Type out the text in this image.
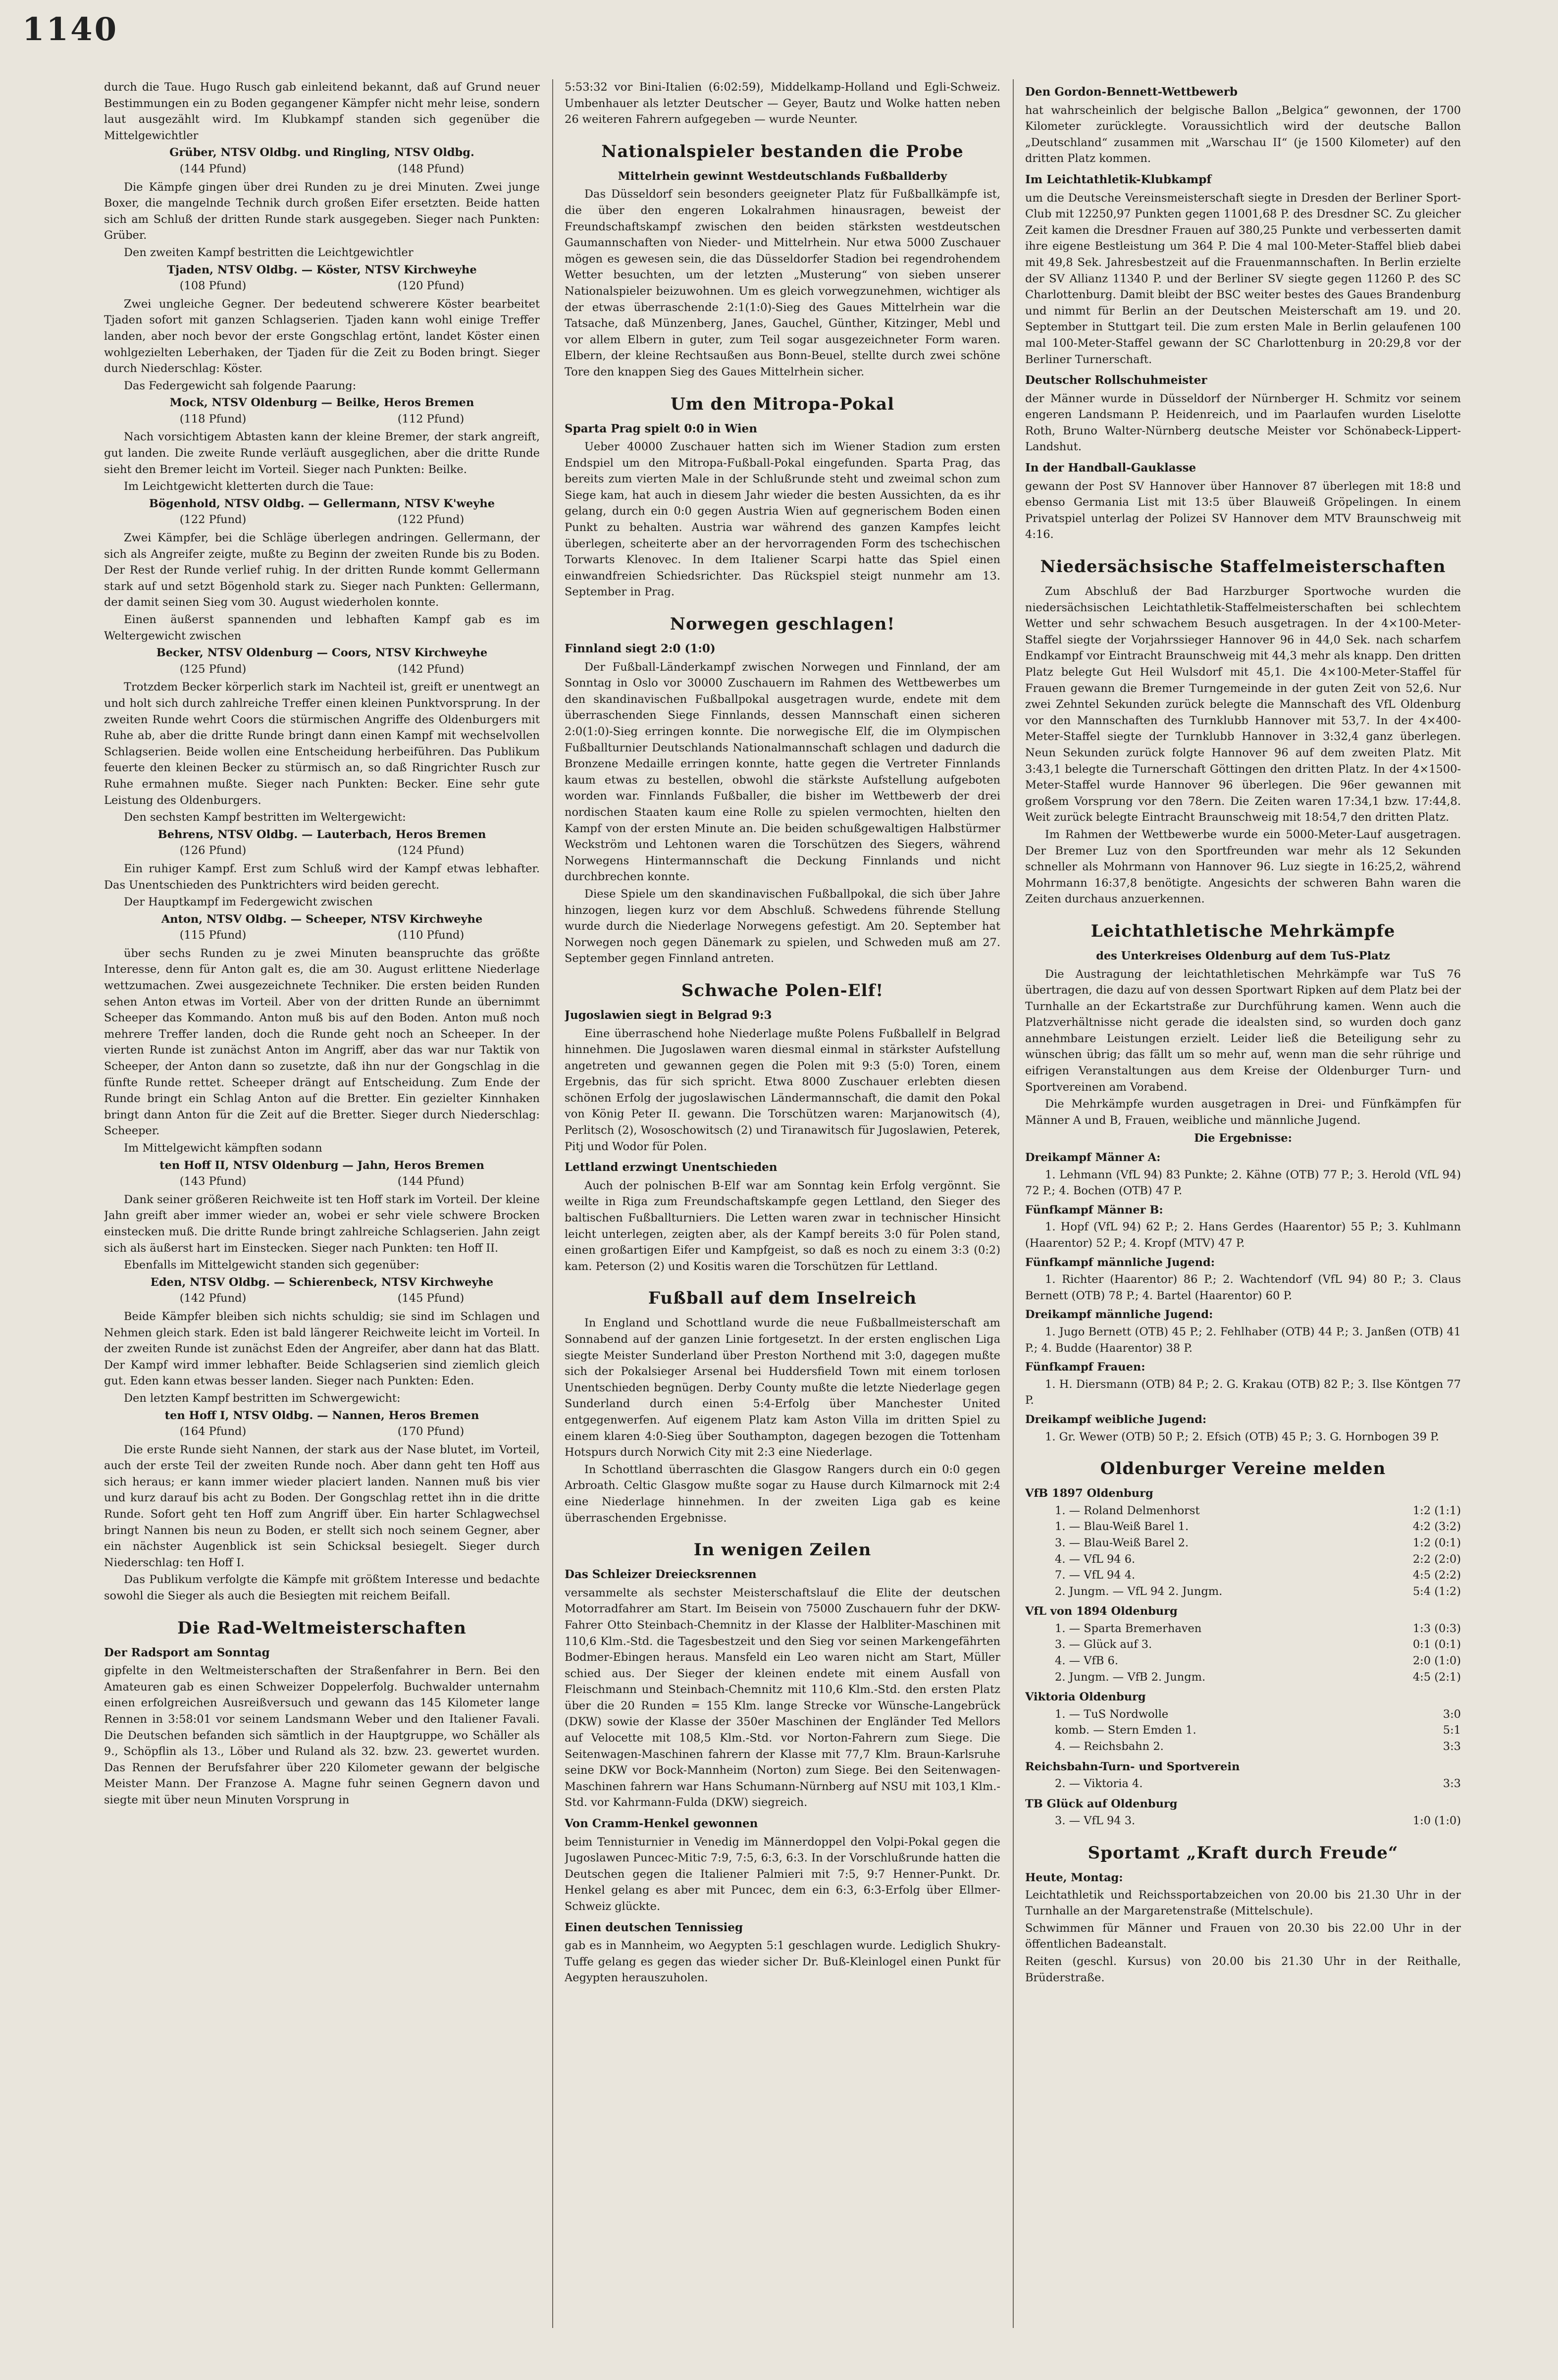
1140

durch die Taue. Hugo Rusch gab einleitend bekannt, daß auf Grund neuer Bestimmungen ein zu Boden gegangener Kämpfer nicht mehr leise, sondern laut ausgezählt wird. Im Klubkampf standen sich gegenüber die Mittelgewichtler

Grüber, NTSV Oldbg. und Ringling, NTSV Oldbg.
(144 Pfund)	(148 Pfund)

Die Kämpfe gingen über drei Runden zu je drei Minuten. Zwei junge Boxer, die mangelnde Technik durch großen Eifer ersetzten. Beide hatten sich am Schluß der dritten Runde stark ausgegeben. Sieger nach Punkten: Grüber.

Den zweiten Kampf bestritten die Leichtgewichtler

Tjaden, NTSV Oldbg. — Köster, NTSV Kirchweyhe
(108 Pfund)	(120 Pfund)

Zwei ungleiche Gegner. Der bedeutend schwerere Köster bearbeitet Tjaden sofort mit ganzen Schlagserien. Tjaden kann wohl einige Treffer landen, aber noch bevor der erste Gongschlag ertönt, landet Köster einen wohlgezielten Leberhaken, der Tjaden für die Zeit zu Boden bringt. Sieger durch Niederschlag: Köster.

Das Federgewicht sah folgende Paarung:

Mock, NTSV Oldenburg — Beilke, Heros Bremen
(118 Pfund)	(112 Pfund)

Nach vorsichtigem Abtasten kann der kleine Bremer, der stark angreift, gut landen. Die zweite Runde verläuft ausgeglichen, aber die dritte Runde sieht den Bremer leicht im Vorteil. Sieger nach Punkten: Beilke.

Im Leichtgewicht kletterten durch die Taue:

Bögenhold, NTSV Oldbg. — Gellermann, NTSV K'weyhe
(122 Pfund)	(122 Pfund)

Zwei Kämpfer, bei die Schläge überlegen andringen. Gellermann, der sich als Angreifer zeigte, mußte zu Beginn der zweiten Runde bis zu Boden. Der Rest der Runde verlief ruhig. In der dritten Runde kommt Gellermann stark auf und setzt Bögenhold stark zu. Sieger nach Punkten: Gellermann, der damit seinen Sieg vom 30. August wiederholen konnte.

Einen äußerst spannenden und lebhaften Kampf gab es im Weltergewicht zwischen

Becker, NTSV Oldenburg — Coors, NTSV Kirchweyhe
(125 Pfund)	(142 Pfund)

Trotzdem Becker körperlich stark im Nachteil ist, greift er unentwegt an und holt sich durch zahlreiche Treffer einen kleinen Punktvorsprung. In der zweiten Runde wehrt Coors die stürmischen Angriffe des Oldenburgers mit Ruhe ab, aber die dritte Runde bringt dann einen Kampf mit wechselvollen Schlagserien. Beide wollen eine Entscheidung herbeiführen. Das Publikum feuerte den kleinen Becker zu stürmisch an, so daß Ringrichter Rusch zur Ruhe ermahnen mußte. Sieger nach Punkten: Becker. Eine sehr gute Leistung des Oldenburgers.

Den sechsten Kampf bestritten im Weltergewicht:

Behrens, NTSV Oldbg. — Lauterbach, Heros Bremen
(126 Pfund)	(124 Pfund)

Ein ruhiger Kampf. Erst zum Schluß wird der Kampf etwas lebhafter. Das Unentschieden des Punktrichters wird beiden gerecht.

Der Hauptkampf im Federgewicht zwischen

Anton, NTSV Oldbg. — Scheeper, NTSV Kirchweyhe
(115 Pfund)	(110 Pfund)

über sechs Runden zu je zwei Minuten beanspruchte das größte Interesse, denn für Anton galt es, die am 30. August erlittene Niederlage wettzumachen. Zwei ausgezeichnete Techniker. Die ersten beiden Runden sehen Anton etwas im Vorteil. Aber von der dritten Runde an übernimmt Scheeper das Kommando. Anton muß bis auf den Boden. Anton muß noch mehrere Treffer landen, doch die Runde geht noch an Scheeper. In der vierten Runde ist zunächst Anton im Angriff, aber das war nur Taktik von Scheeper, der Anton dann so zusetzte, daß ihn nur der Gongschlag in die fünfte Runde rettet. Scheeper drängt auf Entscheidung. Zum Ende der Runde bringt ein Schlag Anton auf die Bretter. Ein gezielter Kinnhaken bringt dann Anton für die Zeit auf die Bretter. Sieger durch Niederschlag: Scheeper.

Im Mittelgewicht kämpften sodann

ten Hoff II, NTSV Oldenburg — Jahn, Heros Bremen
(143 Pfund)	(144 Pfund)

Dank seiner größeren Reichweite ist ten Hoff stark im Vorteil. Der kleine Jahn greift aber immer wieder an, wobei er sehr viele schwere Brocken einstecken muß. Die dritte Runde bringt zahlreiche Schlagserien. Jahn zeigt sich als äußerst hart im Einstecken. Sieger nach Punkten: ten Hoff II.

Ebenfalls im Mittelgewicht standen sich gegenüber:

Eden, NTSV Oldbg. — Schierenbeck, NTSV Kirchweyhe
(142 Pfund)	(145 Pfund)

Beide Kämpfer bleiben sich nichts schuldig; sie sind im Schlagen und Nehmen gleich stark. Eden ist bald längerer Reichweite leicht im Vorteil. In der zweiten Runde ist zunächst Eden der Angreifer, aber dann hat das Blatt. Der Kampf wird immer lebhafter. Beide Schlagserien sind ziemlich gleich gut. Eden kann etwas besser landen. Sieger nach Punkten: Eden.

Den letzten Kampf bestritten im Schwergewicht:

ten Hoff I, NTSV Oldbg. — Nannen, Heros Bremen
(164 Pfund)	(170 Pfund)

Die erste Runde sieht Nannen, der stark aus der Nase blutet, im Vorteil, auch der erste Teil der zweiten Runde noch. Aber dann geht ten Hoff aus sich heraus; er kann immer wieder placiert landen. Nannen muß bis vier und kurz darauf bis acht zu Boden. Der Gongschlag rettet ihn in die dritte Runde. Sofort geht ten Hoff zum Angriff über. Ein harter Schlagwechsel bringt Nannen bis neun zu Boden, er stellt sich noch seinem Gegner, aber ein nächster Augenblick ist sein Schicksal besiegelt. Sieger durch Niederschlag: ten Hoff I.

Das Publikum verfolgte die Kämpfe mit größtem Interesse und bedachte sowohl die Sieger als auch die Besiegten mit reichem Beifall.

Die Rad-Weltmeisterschaften
Der Radsport am Sonntag

gipfelte in den Weltmeisterschaften der Straßenfahrer in Bern. Bei den Amateuren gab es einen Schweizer Doppelerfolg. Buchwalder unternahm einen erfolgreichen Ausreißversuch und gewann das 145 Kilometer lange Rennen in 3:58:01 vor seinem Landsmann Weber und den Italiener Favali. Die Deutschen befanden sich sämtlich in der Hauptgruppe, wo Schäller als 9., Schöpflin als 13., Löber und Ruland als 32. bzw. 23. gewertet wurden. Das Rennen der Berufsfahrer über 220 Kilometer gewann der belgische Meister Mann. Der Franzose A. Magne fuhr seinen Gegnern davon und siegte mit über neun Minuten Vorsprung in

5:53:32 vor Bini-Italien (6:02:59), Middelkamp-Holland und Egli-Schweiz. Umbenhauer als letzter Deutscher — Geyer, Bautz und Wolke hatten neben 26 weiteren Fahrern aufgegeben — wurde Neunter.

Nationalspieler bestanden die Probe
Mittelrhein gewinnt Westdeutschlands Fußballderby

Das Düsseldorf sein besonders geeigneter Platz für Fußballkämpfe ist, die über den engeren Lokalrahmen hinausragen, beweist der Freundschaftskampf zwischen den beiden stärksten westdeutschen Gaumannschaften von Nieder- und Mittelrhein. Nur etwa 5000 Zuschauer mögen es gewesen sein, die das Düsseldorfer Stadion bei regendrohendem Wetter besuchten, um der letzten „Musterung“ von sieben unserer Nationalspieler beizuwohnen. Um es gleich vorwegzunehmen, wichtiger als der etwas überraschende 2:1(1:0)-Sieg des Gaues Mittelrhein war die Tatsache, daß Münzenberg, Janes, Gauchel, Günther, Kitzinger, Mebl und vor allem Elbern in guter, zum Teil sogar ausgezeichneter Form waren. Elbern, der kleine Rechtsaußen aus Bonn-Beuel, stellte durch zwei schöne Tore den knappen Sieg des Gaues Mittelrhein sicher.

Um den Mitropa-Pokal
Sparta Prag spielt 0:0 in Wien

Ueber 40000 Zuschauer hatten sich im Wiener Stadion zum ersten Endspiel um den Mitropa-Fußball-Pokal eingefunden. Sparta Prag, das bereits zum vierten Male in der Schlußrunde steht und zweimal schon zum Siege kam, hat auch in diesem Jahr wieder die besten Aussichten, da es ihr gelang, durch ein 0:0 gegen Austria Wien auf gegnerischem Boden einen Punkt zu behalten. Austria war während des ganzen Kampfes leicht überlegen, scheiterte aber an der hervorragenden Form des tschechischen Torwarts Klenovec. In dem Italiener Scarpi hatte das Spiel einen einwandfreien Schiedsrichter. Das Rückspiel steigt nunmehr am 13. September in Prag.

Norwegen geschlagen!
Finnland siegt 2:0 (1:0)

Der Fußball-Länderkampf zwischen Norwegen und Finnland, der am Sonntag in Oslo vor 30000 Zuschauern im Rahmen des Wettbewerbes um den skandinavischen Fußballpokal ausgetragen wurde, endete mit dem überraschenden Siege Finnlands, dessen Mannschaft einen sicheren 2:0(1:0)-Sieg erringen konnte. Die norwegische Elf, die im Olympischen Fußballturnier Deutschlands Nationalmannschaft schlagen und dadurch die Bronzene Medaille erringen konnte, hatte gegen die Vertreter Finnlands kaum etwas zu bestellen, obwohl die stärkste Aufstellung aufgeboten worden war. Finnlands Fußballer, die bisher im Wettbewerb der drei nordischen Staaten kaum eine Rolle zu spielen vermochten, hielten den Kampf von der ersten Minute an. Die beiden schußgewaltigen Halbstürmer Weckström und Lehtonen waren die Torschützen des Siegers, während Norwegens Hintermannschaft die Deckung Finnlands und nicht durchbrechen konnte.

Diese Spiele um den skandinavischen Fußballpokal, die sich über Jahre hinzogen, liegen kurz vor dem Abschluß. Schwedens führende Stellung wurde durch die Niederlage Norwegens gefestigt. Am 20. September hat Norwegen noch gegen Dänemark zu spielen, und Schweden muß am 27. September gegen Finnland antreten.

Schwache Polen-Elf!
Jugoslawien siegt in Belgrad 9:3

Eine überraschend hohe Niederlage mußte Polens Fußballelf in Belgrad hinnehmen. Die Jugoslawen waren diesmal einmal in stärkster Aufstellung angetreten und gewannen gegen die Polen mit 9:3 (5:0) Toren, einem Ergebnis, das für sich spricht. Etwa 8000 Zuschauer erlebten diesen schönen Erfolg der jugoslawischen Ländermannschaft, die damit den Pokal von König Peter II. gewann. Die Torschützen waren: Marjanowitsch (4), Perlitsch (2), Wososchowitsch (2) und Tiranawitsch für Jugoslawien, Peterek, Pitj und Wodor für Polen.

Lettland erzwingt Unentschieden

Auch der polnischen B-Elf war am Sonntag kein Erfolg vergönnt. Sie weilte in Riga zum Freundschaftskampfe gegen Lettland, den Sieger des baltischen Fußballturniers. Die Letten waren zwar in technischer Hinsicht leicht unterlegen, zeigten aber, als der Kampf bereits 3:0 für Polen stand, einen großartigen Eifer und Kampfgeist, so daß es noch zu einem 3:3 (0:2) kam. Peterson (2) und Kositis waren die Torschützen für Lettland.

Fußball auf dem Inselreich

In England und Schottland wurde die neue Fußballmeisterschaft am Sonnabend auf der ganzen Linie fortgesetzt. In der ersten englischen Liga siegte Meister Sunderland über Preston Northend mit 3:0, dagegen mußte sich der Pokalsieger Arsenal bei Huddersfield Town mit einem torlosen Unentschieden begnügen. Derby County mußte die letzte Niederlage gegen Sunderland durch einen 5:4-Erfolg über Manchester United entgegenwerfen. Auf eigenem Platz kam Aston Villa im dritten Spiel zu einem klaren 4:0-Sieg über Southampton, dagegen bezogen die Tottenham Hotspurs durch Norwich City mit 2:3 eine Niederlage.

In Schottland überraschten die Glasgow Rangers durch ein 0:0 gegen Arbroath. Celtic Glasgow mußte sogar zu Hause durch Kilmarnock mit 2:4 eine Niederlage hinnehmen. In der zweiten Liga gab es keine überraschenden Ergebnisse.

In wenigen Zeilen
Das Schleizer Dreiecksrennen

versammelte als sechster Meisterschaftslauf die Elite der deutschen Motorradfahrer am Start. Im Beisein von 75000 Zuschauern fuhr der DKW-Fahrer Otto Steinbach-Chemnitz in der Klasse der Halbliter-Maschinen mit 110,6 Klm.-Std. die Tagesbestzeit und den Sieg vor seinen Markengefährten Bodmer-Ebingen heraus. Mansfeld ein Leo waren nicht am Start, Müller schied aus. Der Sieger der kleinen endete mit einem Ausfall von Fleischmann und Steinbach-Chemnitz mit 110,6 Klm.-Std. den ersten Platz über die 20 Runden = 155 Klm. lange Strecke vor Wünsche-Langebrück (DKW) sowie der Klasse der 350er Maschinen der Engländer Ted Mellors auf Velocette mit 108,5 Klm.-Std. vor Norton-Fahrern zum Siege. Die Seitenwagen-Maschinen fahrern der Klasse mit 77,7 Klm. Braun-Karlsruhe seine DKW vor Bock-Mannheim (Norton) zum Siege. Bei den Seitenwagen-Maschinen fahrern war Hans Schumann-Nürnberg auf NSU mit 103,1 Klm.-Std. vor Kahrmann-Fulda (DKW) siegreich.

Von Cramm-Henkel gewonnen

beim Tennisturnier in Venedig im Männerdoppel den Volpi-Pokal gegen die Jugoslawen Puncec-Mitic 7:9, 7:5, 6:3, 6:3. In der Vorschlußrunde hatten die Deutschen gegen die Italiener Palmieri mit 7:5, 9:7 Henner-Punkt. Dr. Henkel gelang es aber mit Puncec, dem ein 6:3, 6:3-Erfolg über Ellmer-Schweiz glückte.

Einen deutschen Tennissieg

gab es in Mannheim, wo Aegypten 5:1 geschlagen wurde. Lediglich Shukry-Tuffe gelang es gegen das wieder sicher Dr. Buß-Kleinlogel einen Punkt für Aegypten herauszuholen.

Den Gordon-Bennett-Wettbewerb

hat wahrscheinlich der belgische Ballon „Belgica“ gewonnen, der 1700 Kilometer zurücklegte. Voraussichtlich wird der deutsche Ballon „Deutschland“ zusammen mit „Warschau II“ (je 1500 Kilometer) auf den dritten Platz kommen.

Im Leichtathletik-Klubkampf

um die Deutsche Vereinsmeisterschaft siegte in Dresden der Berliner Sport-Club mit 12250,97 Punkten gegen 11001,68 P. des Dresdner SC. Zu gleicher Zeit kamen die Dresdner Frauen auf 380,25 Punkte und verbesserten damit ihre eigene Bestleistung um 364 P. Die 4 mal 100-Meter-Staffel blieb dabei mit 49,8 Sek. Jahresbestzeit auf die Frauenmannschaften. In Berlin erzielte der SV Allianz 11340 P. und der Berliner SV siegte gegen 11260 P. des SC Charlottenburg. Damit bleibt der BSC weiter bestes des Gaues Brandenburg und nimmt für Berlin an der Deutschen Meisterschaft am 19. und 20. September in Stuttgart teil. Die zum ersten Male in Berlin gelaufenen 100 mal 100-Meter-Staffel gewann der SC Charlottenburg in 20:29,8 vor der Berliner Turnerschaft.

Deutscher Rollschuhmeister

der Männer wurde in Düsseldorf der Nürnberger H. Schmitz vor seinem engeren Landsmann P. Heidenreich, und im Paarlaufen wurden Liselotte Roth, Bruno Walter-Nürnberg deutsche Meister vor Schönabeck-Lippert-Landshut.

In der Handball-Gauklasse

gewann der Post SV Hannover über Hannover 87 überlegen mit 18:8 und ebenso Germania List mit 13:5 über Blauweiß Gröpelingen. In einem Privatspiel unterlag der Polizei SV Hannover dem MTV Braunschweig mit 4:16.

Niedersächsische Staffelmeisterschaften

Zum Abschluß der Bad Harzburger Sportwoche wurden die niedersächsischen Leichtathletik-Staffelmeisterschaften bei schlechtem Wetter und sehr schwachem Besuch ausgetragen. In der 4×100-Meter-Staffel siegte der Vorjahrssieger Hannover 96 in 44,0 Sek. nach scharfem Endkampf vor Eintracht Braunschweig mit 44,3 mehr als knapp. Den dritten Platz belegte Gut Heil Wulsdorf mit 45,1. Die 4×100-Meter-Staffel für Frauen gewann die Bremer Turngemeinde in der guten Zeit von 52,6. Nur zwei Zehntel Sekunden zurück belegte die Mannschaft des VfL Oldenburg vor den Mannschaften des Turnklubb Hannover mit 53,7. In der 4×400-Meter-Staffel siegte der Turnklubb Hannover in 3:32,4 ganz überlegen. Neun Sekunden zurück folgte Hannover 96 auf dem zweiten Platz. Mit 3:43,1 belegte die Turnerschaft Göttingen den dritten Platz. In der 4×1500-Meter-Staffel wurde Hannover 96 überlegen. Die 96er gewannen mit großem Vorsprung vor den 78ern. Die Zeiten waren 17:34,1 bzw. 17:44,8. Weit zurück belegte Eintracht Braunschweig mit 18:54,7 den dritten Platz.

Im Rahmen der Wettbewerbe wurde ein 5000-Meter-Lauf ausgetragen. Der Bremer Luz von den Sportfreunden war mehr als 12 Sekunden schneller als Mohrmann von Hannover 96. Luz siegte in 16:25,2, während Mohrmann 16:37,8 benötigte. Angesichts der schweren Bahn waren die Zeiten durchaus anzuerkennen.

Leichtathletische Mehrkämpfe
des Unterkreises Oldenburg auf dem TuS-Platz

Die Austragung der leichtathletischen Mehrkämpfe war TuS 76 übertragen, die dazu auf von dessen Sportwart Ripken auf dem Platz bei der Turnhalle an der Eckartstraße zur Durchführung kamen. Wenn auch die Platzverhältnisse nicht gerade die idealsten sind, so wurden doch ganz annehmbare Leistungen erzielt. Leider ließ die Beteiligung sehr zu wünschen übrig; das fällt um so mehr auf, wenn man die sehr rührige und eifrigen Veranstaltungen aus dem Kreise der Oldenburger Turn- und Sportvereinen am Vorabend.

Die Mehrkämpfe wurden ausgetragen in Drei- und Fünfkämpfen für Männer A und B, Frauen, weibliche und männliche Jugend.

Die Ergebnisse:
Dreikampf Männer A:

1. Lehmann (VfL 94) 83 Punkte; 2. Kähne (OTB) 77 P.; 3. Herold (VfL 94) 72 P.; 4. Bochen (OTB) 47 P.

Fünfkampf Männer B:

1. Hopf (VfL 94) 62 P.; 2. Hans Gerdes (Haarentor) 55 P.; 3. Kuhlmann (Haarentor) 52 P.; 4. Kropf (MTV) 47 P.

Fünfkampf männliche Jugend:

1. Richter (Haarentor) 86 P.; 2. Wachtendorf (VfL 94) 80 P.; 3. Claus Bernett (OTB) 78 P.; 4. Bartel (Haarentor) 60 P.

Dreikampf männliche Jugend:

1. Jugo Bernett (OTB) 45 P.; 2. Fehlhaber (OTB) 44 P.; 3. Janßen (OTB) 41 P.; 4. Budde (Haarentor) 38 P.

Fünfkampf Frauen:

1. H. Diersmann (OTB) 84 P.; 2. G. Krakau (OTB) 82 P.; 3. Ilse Köntgen 77 P.

Dreikampf weibliche Jugend:

1. Gr. Wewer (OTB) 50 P.; 2. Efsich (OTB) 45 P.; 3. G. Hornbogen 39 P.

Oldenburger Vereine melden
VfB 1897 Oldenburg
1. — Roland Delmenhorst	1:2 (1:1)
1. — Blau-Weiß Barel 1.	4:2 (3:2)
3. — Blau-Weiß Barel 2.	1:2 (0:1)
4. — VfL 94 6.	2:2 (2:0)
7. — VfL 94 4.	4:5 (2:2)
2. Jungm. — VfL 94 2. Jungm.	5:4 (1:2)
VfL von 1894 Oldenburg
1. — Sparta Bremerhaven	1:3 (0:3)
3. — Glück auf 3.	0:1 (0:1)
4. — VfB 6.	2:0 (1:0)
2. Jungm. — VfB 2. Jungm.	4:5 (2:1)
Viktoria Oldenburg
1. — TuS Nordwolle	3:0
komb. — Stern Emden 1.	5:1
4. — Reichsbahn 2.	3:3
Reichsbahn-Turn- und Sportverein
2. — Viktoria 4.	3:3
TB Glück auf Oldenburg
3. — VfL 94 3.	1:0 (1:0)
Sportamt „Kraft durch Freude“
Heute, Montag:

Leichtathletik und Reichssportabzeichen von 20.00 bis 21.30 Uhr in der Turnhalle an der Margaretenstraße (Mittelschule).

Schwimmen für Männer und Frauen von 20.30 bis 22.00 Uhr in der öffentlichen Badeanstalt.

Reiten (geschl. Kursus) von 20.00 bis 21.30 Uhr in der Reithalle, Brüderstraße.
